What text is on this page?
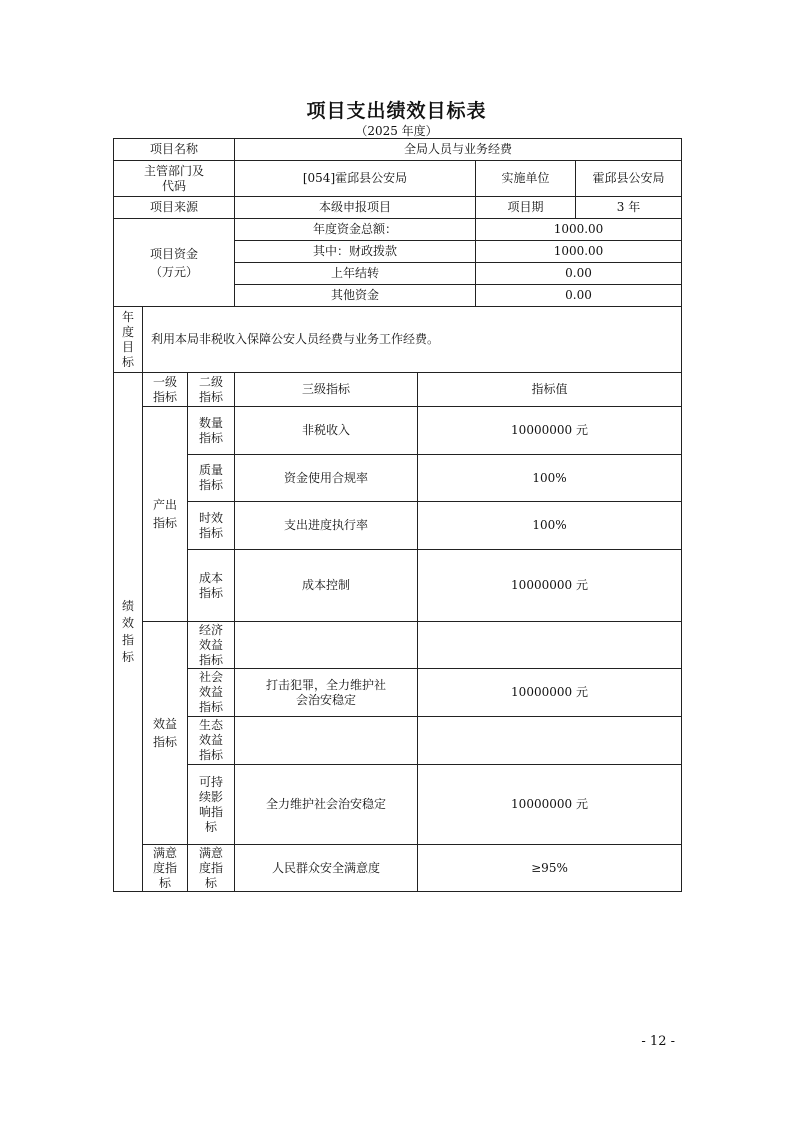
项目支出绩效目标表
（2025 年度）
项目名称			全局人员与业务经费			

主管部门及代码			[054]霍邱县公安局		实施单位	霍邱县公安局
项目来源			本级申报项目		项目期	3 年

项目资金（万元）			年度资金总额：		1000.00	
			其中：财政拨款		1000.00	
			上年结转		0.00	
			其他资金		0.00	

年度目标	利用本局非税收入保障公安人员经费与业务工作经费。					

绩效指标	一级指标	二级指标	三级指标	指标值		

	产出指标	数量指标	非税收入	10000000 元		

		质量指标	资金使用合规率	100%		

		时效指标	支出进度执行率	100%		

		成本指标	成本控制	10000000 元		

	效益指标	经济效益指标				

		社会效益指标	打击犯罪，全力维护社会治安稳定	10000000 元		

		生态效益指标				

		可持续影响指标	全力维护社会治安稳定	10000000 元		

	满意度指标	满意度指标	人民群众安全满意度	≥95%		
- 12 -
